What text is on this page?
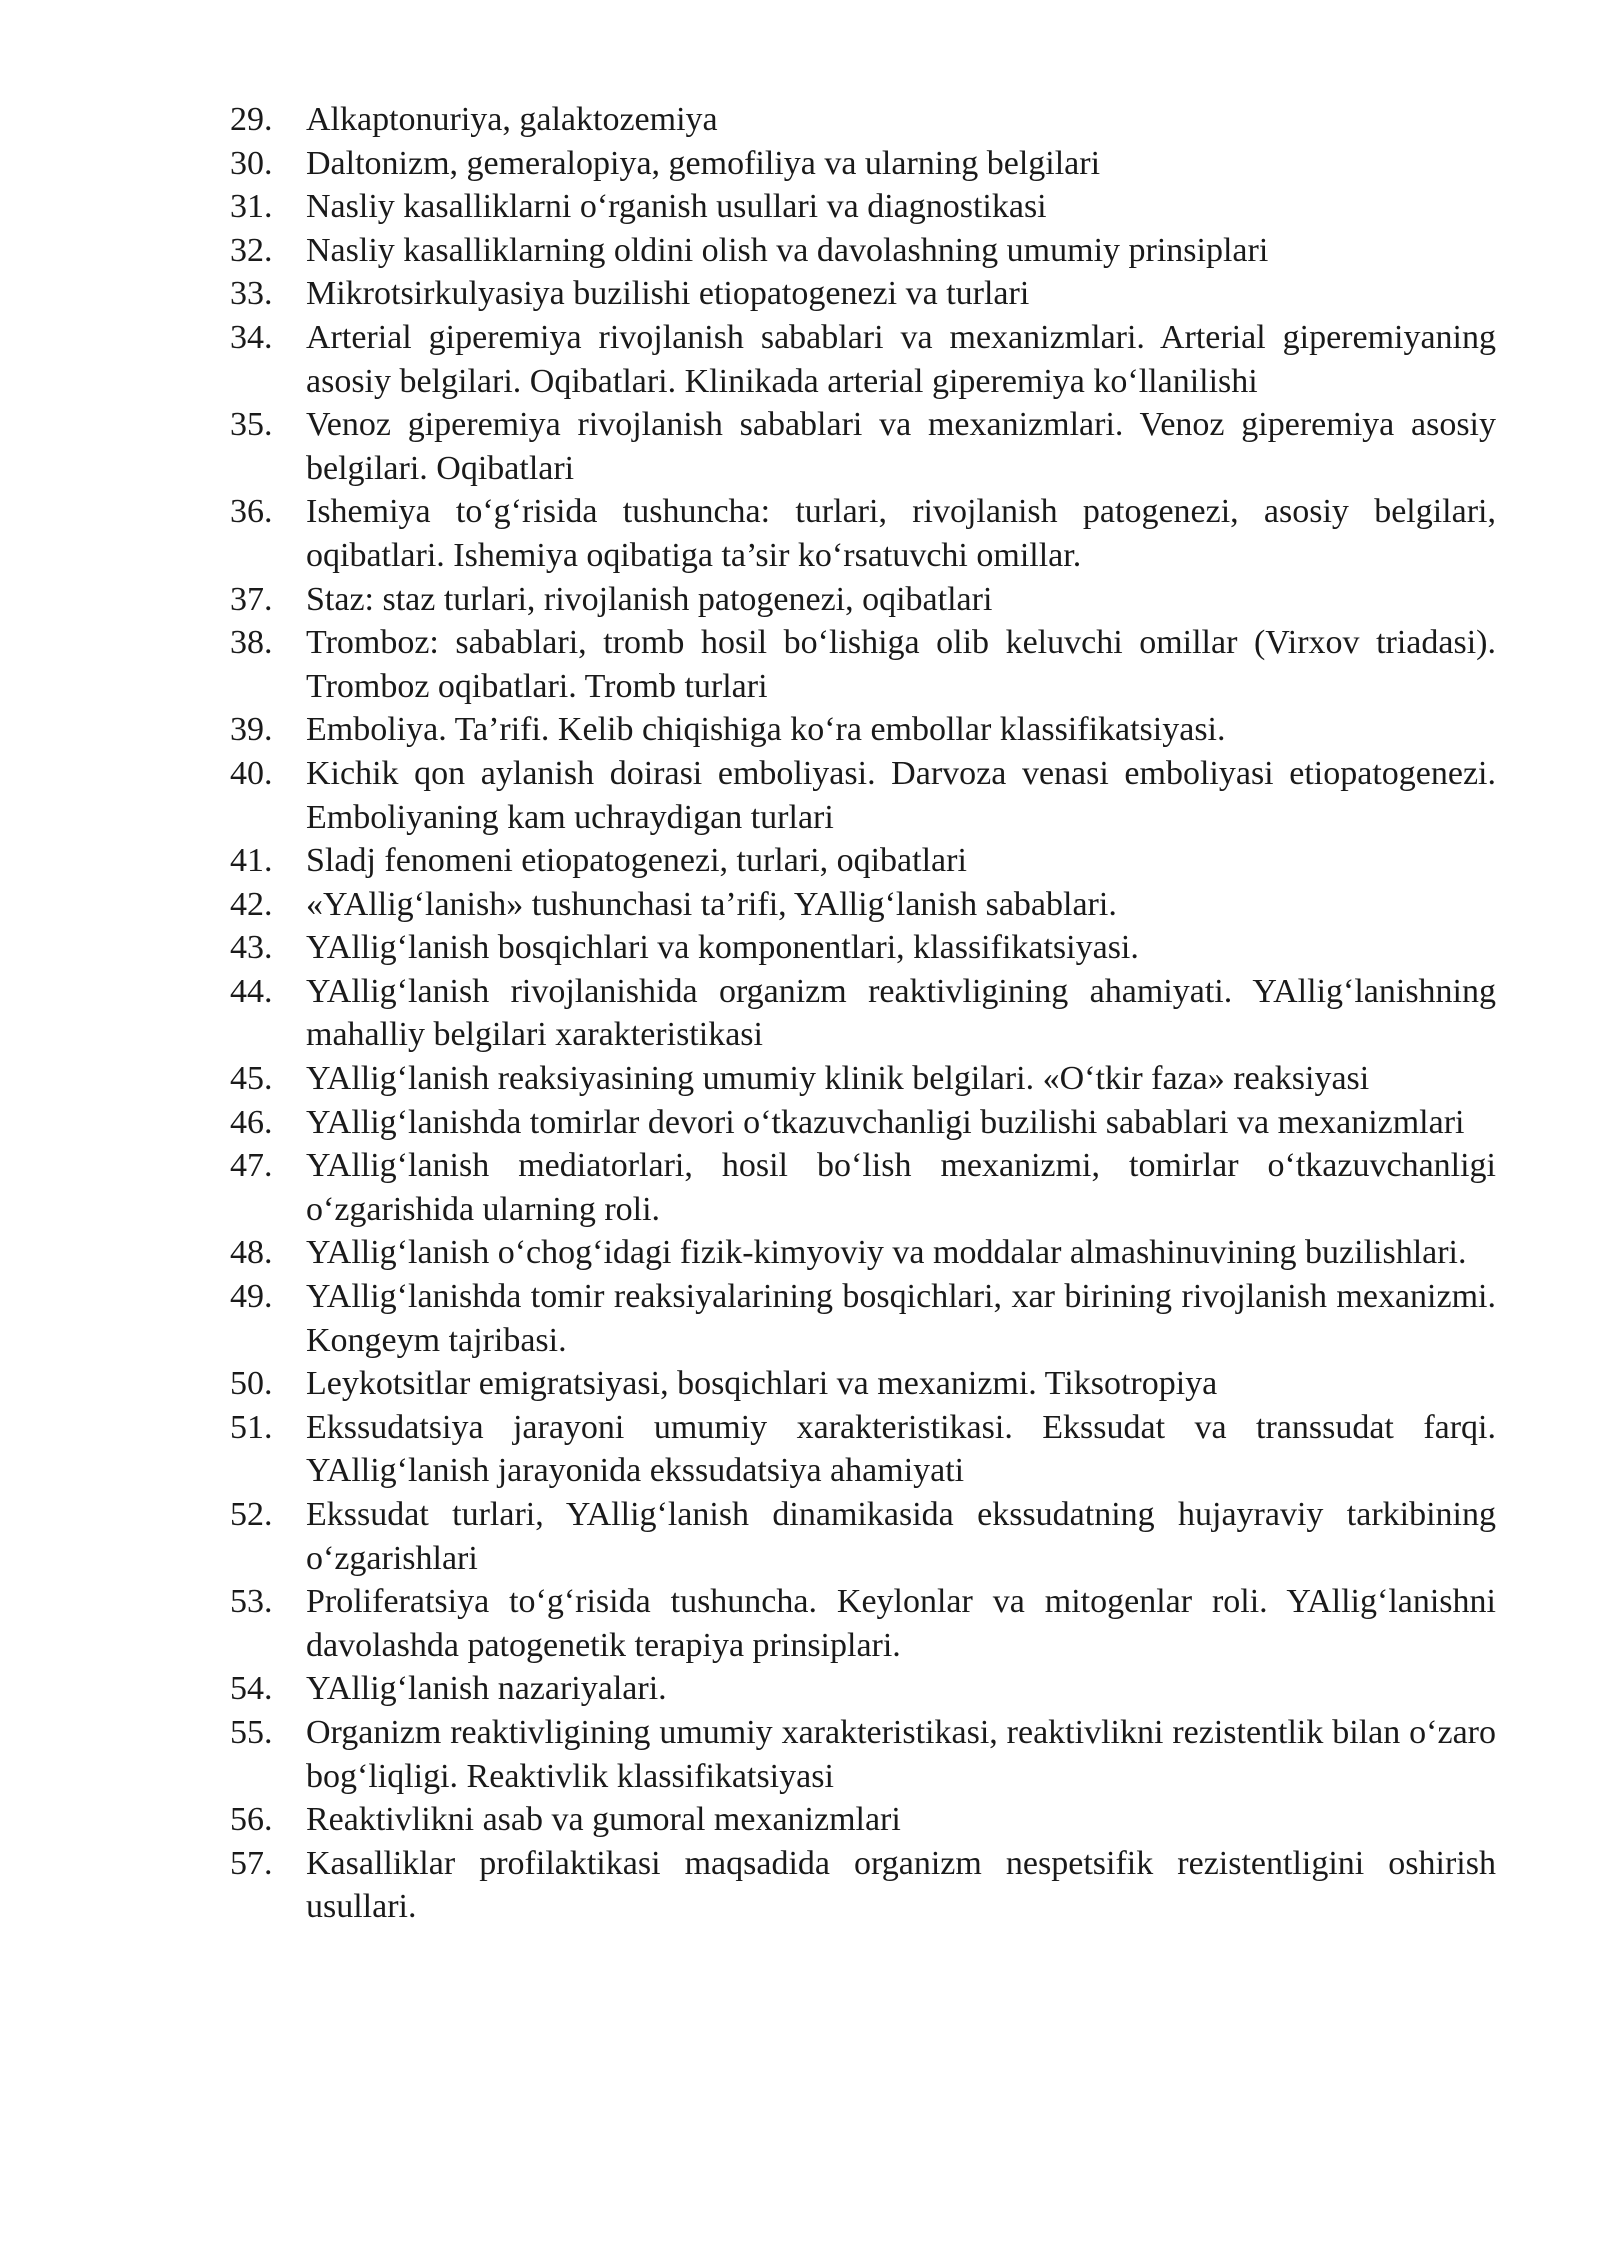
29. Alkaptonuriya, galaktozemiya
30. Daltonizm, gemeralopiya, gemofiliya va ularning belgilari
31. Nasliy kasalliklarni o‘rganish usullari va diagnostikasi
32. Nasliy kasalliklarning oldini olish va davolashning umumiy prinsiplari
33. Mikrotsirkulyasiya buzilishi etiopatogenezi va turlari
34. Arterial giperemiya rivojlanish sabablari va mexanizmlari. Arterial giperemiyaning asosiy belgilari. Oqibatlari. Klinikada arterial giperemiya ko‘llanilishi
35. Venoz giperemiya rivojlanish sabablari va mexanizmlari. Venoz giperemiya asosiy belgilari. Oqibatlari
36. Ishemiya to‘g‘risida tushuncha: turlari, rivojlanish patogenezi, asosiy belgilari, oqibatlari. Ishemiya oqibatiga ta’sir ko‘rsatuvchi omillar.
37. Staz: staz turlari, rivojlanish patogenezi, oqibatlari
38. Tromboz: sabablari, tromb hosil bo‘lishiga olib keluvchi omillar (Virxov triadasi). Tromboz oqibatlari. Tromb turlari
39. Emboliya. Ta’rifi. Kelib chiqishiga ko‘ra embollar klassifikatsiyasi.
40. Kichik qon aylanish doirasi emboliyasi. Darvoza venasi emboliyasi etiopatogenezi. Emboliyaning kam uchraydigan turlari
41. Sladj fenomeni etiopatogenezi, turlari, oqibatlari
42. «YAllig‘lanish» tushunchasi ta’rifi, YAllig‘lanish sabablari.
43. YAllig‘lanish bosqichlari va komponentlari, klassifikatsiyasi.
44. YAllig‘lanish rivojlanishida organizm reaktivligining ahamiyati. YAllig‘lanishning mahalliy belgilari xarakteristikasi
45. YAllig‘lanish reaksiyasining umumiy klinik belgilari. «O‘tkir faza» reaksiyasi
46. YAllig‘lanishda tomirlar devori o‘tkazuvchanligi buzilishi sabablari va mexanizmlari
47. YAllig‘lanish mediatorlari, hosil bo‘lish mexanizmi, tomirlar o‘tkazuvchanligi o‘zgarishida ularning roli.
48. YAllig‘lanish o‘chog‘idagi fizik-kimyoviy va moddalar almashinuvining buzilishlari.
49. YAllig‘lanishda tomir reaksiyalarining bosqichlari, xar birining rivojlanish mexanizmi. Kongeym tajribasi.
50. Leykotsitlar emigratsiyasi, bosqichlari va mexanizmi. Tiksotropiya
51. Ekssudatsiya jarayoni umumiy xarakteristikasi. Ekssudat va transsudat farqi. YAllig‘lanish jarayonida ekssudatsiya ahamiyati
52. Ekssudat turlari, YAllig‘lanish dinamikasida ekssudatning hujayraviy tarkibining o‘zgarishlari
53. Proliferatsiya to‘g‘risida tushuncha. Keylonlar va mitogenlar roli. YAllig‘lanishni davolashda patogenetik terapiya prinsiplari.
54. YAllig‘lanish nazariyalari.
55. Organizm reaktivligining umumiy xarakteristikasi, reaktivlikni rezistentlik bilan o‘zaro bog‘liqligi. Reaktivlik klassifikatsiyasi
56. Reaktivlikni asab va gumoral mexanizmlari
57. Kasalliklar profilaktikasi maqsadida organizm nespetsifik rezistentligini oshirish usullari.
